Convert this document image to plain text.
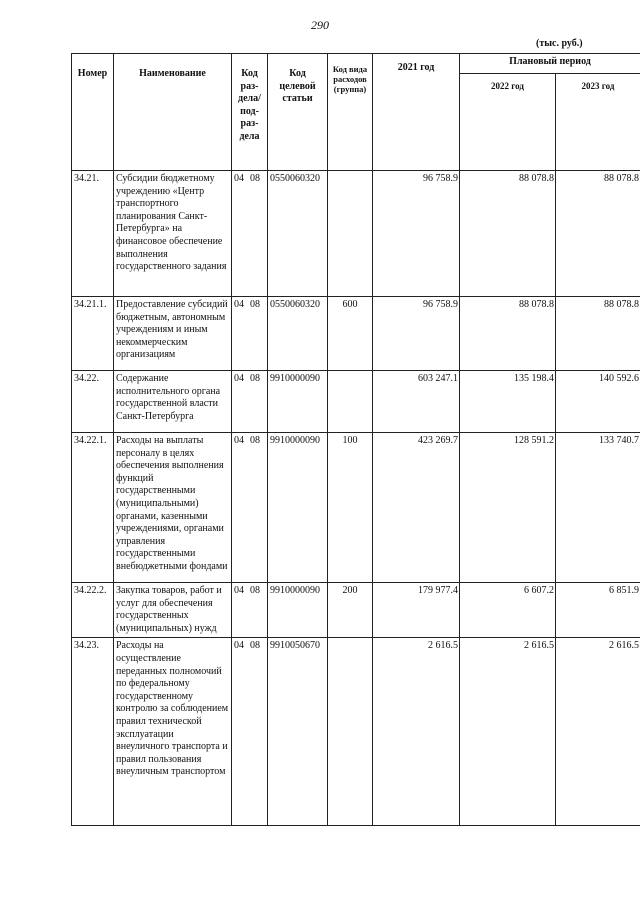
290
(тыс. руб.)
Номер	Наименование	Код раз-дела/ под-раз-дела	Код целевой статьи	Код вида расходов (группа)	2021 год	Плановый период	
						2022 год	2023 год
34.21.	Субсидии бюджетному учреждению «Центр транспортного планирования Санкт-Петербурга» на финансовое обеспечение выполнения государственного задания	04 08	0550060320		96 758.9	88 078.8	88 078.8
34.21.1.	Предоставление субсидий бюджетным, автономным учреждениям и иным некоммерческим организациям	04 08	0550060320	600	96 758.9	88 078.8	88 078.8
34.22.	Содержание исполнительного органа государственной власти Санкт-Петербурга	04 08	9910000090		603 247.1	135 198.4	140 592.6
34.22.1.	Расходы на выплаты персоналу в целях обеспечения выполнения функций государственными (муниципальными) органами, казенными учреждениями, органами управления государственными внебюджетными фондами	04 08	9910000090	100	423 269.7	128 591.2	133 740.7
34.22.2.	Закупка товаров, работ и услуг для обеспечения государственных (муниципальных) нужд	04 08	9910000090	200	179 977.4	6 607.2	6 851.9
34.23.	Расходы на осуществление переданных полномочий по федеральному государственному контролю за соблюдением правил технической эксплуатации внеуличного транспорта и правил пользования внеуличным транспортом	04 08	9910050670		2 616.5	2 616.5	2 616.5
